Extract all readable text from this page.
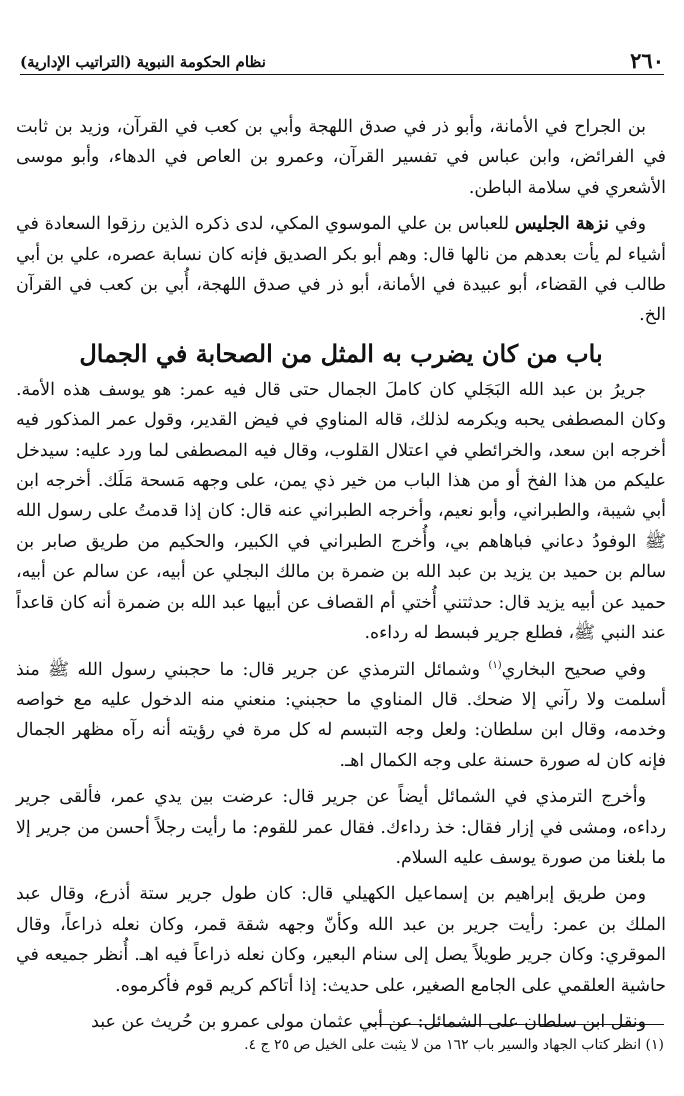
٢٦٠
نظام الحكومة النبوية (التراتيب الإدارية)

بن الجراح في الأمانة، وأبو ذر في صدق اللهجة وأبي بن كعب في القرآن، وزيد بن ثابت في الفرائض، وابن عباس في تفسير القرآن، وعمرو بن العاص في الدهاء، وأبو موسى الأشعري في سلامة الباطن.

وفي نزهة الجليس للعباس بن علي الموسوي المكي، لدى ذكره الذين رزقوا السعادة في أشياء لم يأت بعدهم من نالها قال: وهم أبو بكر الصديق فإنه كان نسابة عصره، علي بن أبي طالب في القضاء، أبو عبيدة في الأمانة، أبو ذر في صدق اللهجة، أُبي بن كعب في القرآن الخ.

باب من كان يضرب به المثل من الصحابة في الجمال

جريرُ بن عبد الله البَجَلي كان كاملَ الجمال حتى قال فيه عمر: هو يوسف هذه الأمة. وكان المصطفى يحبه ويكرمه لذلك، قاله المناوي في فيض القدير، وقول عمر المذكور فيه أخرجه ابن سعد، والخرائطي في اعتلال القلوب، وقال فيه المصطفى لما ورد عليه: سيدخل عليكم من هذا الفخ أو من هذا الباب من خير ذي يمن، على وجهه مَسحة مَلَك. أخرجه ابن أبي شيبة، والطبراني، وأبو نعيم، وأخرجه الطبراني عنه قال: كان إذا قدمتُ على رسول الله ﷺ الوفودُ دعاني فباهاهم بي، وأُخرج الطبراني في الكبير، والحكيم من طريق صابر بن سالم بن حميد بن يزيد بن عبد الله بن ضمرة بن مالك البجلي عن أبيه، عن سالم عن أبيه، حميد عن أبيه يزيد قال: حدثتني أُختي أم القصاف عن أبيها عبد الله بن ضمرة أنه كان قاعداً عند النبي ﷺ، فطلع جرير فبسط له رداءه.

وفي صحيح البخاري$^{(١)}$ وشمائل الترمذي عن جرير قال: ما حجبني رسول الله ﷺ منذ أسلمت ولا رآني إلا ضحك. قال المناوي ما حجبني: منعني منه الدخول عليه مع خواصه وخدمه، وقال ابن سلطان: ولعل وجه التبسم له كل مرة في رؤيته أنه رآه مظهر الجمال فإنه كان له صورة حسنة على وجه الكمال اهـ.

وأخرج الترمذي في الشمائل أيضاً عن جرير قال: عرضت بين يدي عمر، فألقى جرير رداءه، ومشى في إزار فقال: خذ رداءك. فقال عمر للقوم: ما رأيت رجلاً أحسن من جرير إلا ما بلغنا من صورة يوسف عليه السلام.

ومن طريق إبراهيم بن إسماعيل الكهيلي قال: كان طول جرير ستة أذرع، وقال عبد الملك بن عمر: رأيت جرير بن عبد الله وكأنّ وجهه شقة قمر، وكان نعله ذراعاً، وقال الموقري: وكان جرير طويلاً يصل إلى سنام البعير، وكان نعله ذراعاً فيه اهـ. أُنظر جميعه في حاشية العلقمي على الجامع الصغير، على حديث: إذا أتاكم كريم قوم فأكرموه.

ونقل ابن سلطان على الشمائل: عن أبي عثمان مولى عمرو بن حُريث عن عبد

(١) انظر كتاب الجهاد والسير باب ١٦٢ من لا يثبت على الخيل ص ٢٥ ج ٤.
